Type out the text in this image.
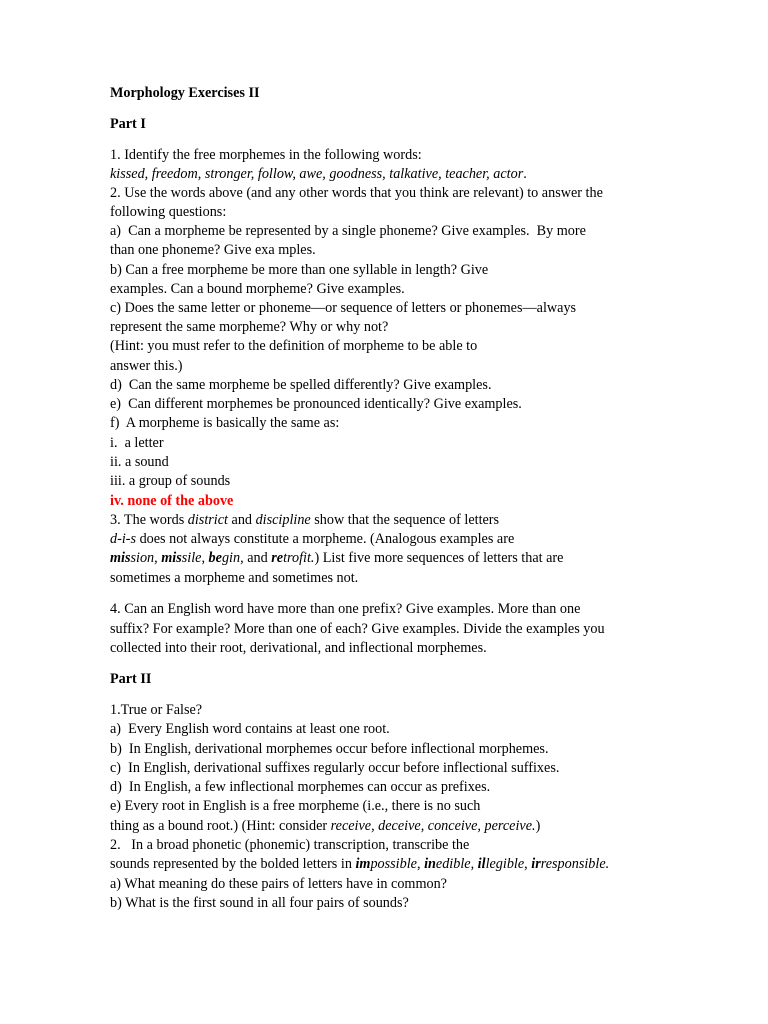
Morphology Exercises II
Part I
1. Identify the free morphemes in the following words:
kissed, freedom, stronger, follow, awe, goodness, talkative, teacher, actor.
2. Use the words above (and any other words that you think are relevant) to answer the
following questions:
a)  Can a morpheme be represented by a single phoneme? Give examples.  By more
than one phoneme? Give exa mples.
b) Can a free morpheme be more than one syllable in length? Give
examples. Can a bound morpheme? Give examples.
c) Does the same letter or phoneme—or sequence of letters or phonemes—always
represent the same morpheme? Why or why not?
(Hint: you must refer to the definition of morpheme to be able to
answer this.)
d)  Can the same morpheme be spelled differently? Give examples.
e)  Can different morphemes be pronounced identically? Give examples.
f)  A morpheme is basically the same as:
i.  a letter
ii. a sound
iii. a group of sounds
iv. none of the above
3. The words district and discipline show that the sequence of letters
d-i-s does not always constitute a morpheme. (Analogous examples are
mission, missile, begin, and retrofit.) List five more sequences of letters that are
sometimes a morpheme and sometimes not.
4. Can an English word have more than one prefix? Give examples. More than one
suffix? For example? More than one of each? Give examples. Divide the examples you
collected into their root, derivational, and inflectional morphemes.
Part II
1.True or False?
a)  Every English word contains at least one root.
b)  In English, derivational morphemes occur before inflectional morphemes.
c)  In English, derivational suffixes regularly occur before inflectional suffixes.
d)  In English, a few inflectional morphemes can occur as prefixes.
e) Every root in English is a free morpheme (i.e., there is no such
thing as a bound root.) (Hint: consider receive, deceive, conceive, perceive.)
2.   In a broad phonetic (phonemic) transcription, transcribe the
sounds represented by the bolded letters in impossible, inedible, illegible, irresponsible.
a) What meaning do these pairs of letters have in common?
b) What is the first sound in all four pairs of sounds?
